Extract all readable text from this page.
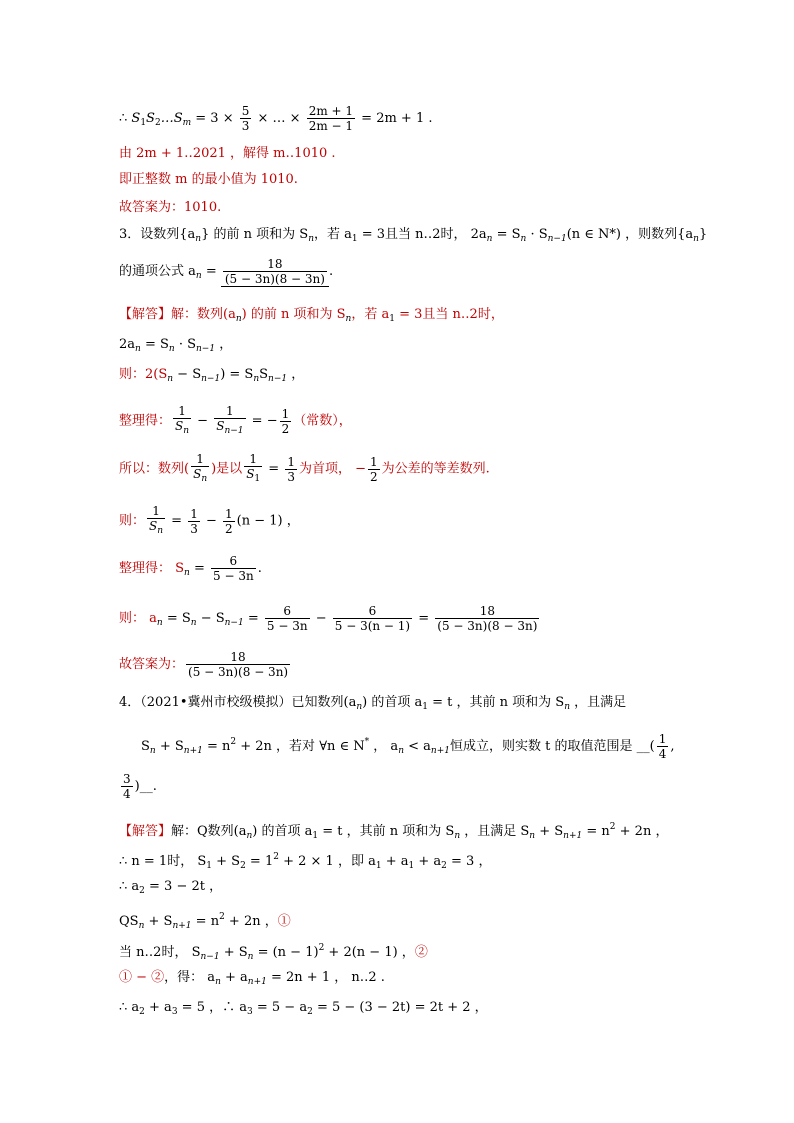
∴ $S_1S_2\dots S_m = 3 \times \frac{5}{3}$ × … × $\frac{2m + 1}{2m - 1} = 2m + 1$ .
由 2m + 1‥2021 ，解得 m‥1010 .
即正整数 m 的最小值为 1010.
故答案为：1010.
3．设数列$\{a_n\}$ 的前 n 项和为 $S_n$，若 $a_1 = 3$且当 n‥2时， $2a_n = S_n \cdot S_{n-1}(n$ ∈ N*) ，则数列$\{a_n\}$
的通项公式 $a_n = \frac{18}{(5 - 3n)(8 - 3n)}$ .
【解答】解：数列$(a_n)$ 的前 n 项和为 $S_n$，若 $a_1 = 3$且当 n‥2时，
$2a_n = S_n \cdot S_{n-1}$ ，
则：$2(S_n - S_{n-1}) = S_nS_{n-1}$ ，
整理得： $\frac{1}{S_n} - \frac{1}{S_{n-1}}$ = − $\frac{1}{2}$ （常数），
所以：数列( $\frac{1}{S_n}$ )是以 $\frac{1}{S_1} = \frac{1}{3}$ 为首项， − $\frac{1}{2}$ 为公差的等差数列.
则： $\frac{1}{S_n} = \frac{1}{3} - \frac{1}{2} (n - 1)$ ，
整理得： $S_n = \frac{6}{5 - 3n}$ .
则： $a_n = S_n - S_{n-1} = \frac{6}{5 - 3n} - \frac{6}{5 - 3(n - 1)} = \frac{18}{(5 - 3n)(8 - 3n)}$
故答案为： $\frac{18}{(5 - 3n)(8 - 3n)}$
4．（2021•冀州市校级模拟）已知数列$(a_n)$ 的首项 $a_1 = t$ ，其前 n 项和为 $S_n$ ，且满足
$S_n + S_{n+1} = n^2 + 2n$ ，若对 ∀n ∈ N* ， $a_n < a_{n+1}$恒成立，则实数 t 的取值范围是 __( $\frac{1}{4}$ ,
$\frac{3}{4}$ )__.
【解答】解：Q数列$(a_n)$ 的首项 $a_1 = t$ ，其前 n 项和为 $S_n$ ，且满足 $S_n + S_{n+1} = n^2 + 2n$ ，
∴ n = 1时， $S_1 + S_2 = 1^2 + 2 \times 1$ ，即 $a_1 + a_1 + a_2 = 3$ ，
∴ $a_2 = 3 - 2t$ ，
$QS_n + S_{n+1} = n^2 + 2n$ ，①
当 n‥2时， $S_{n-1} + S_n = (n - 1)^2 + 2(n - 1)$ ，②
① − ②，得： $a_n + a_{n+1} = 2n + 1$ ， n‥2 .
∴ $a_2 + a_3 = 5$ ，∴ $a_3 = 5 - a_2 = 5 - (3 - 2t) = 2t + 2$ ，
